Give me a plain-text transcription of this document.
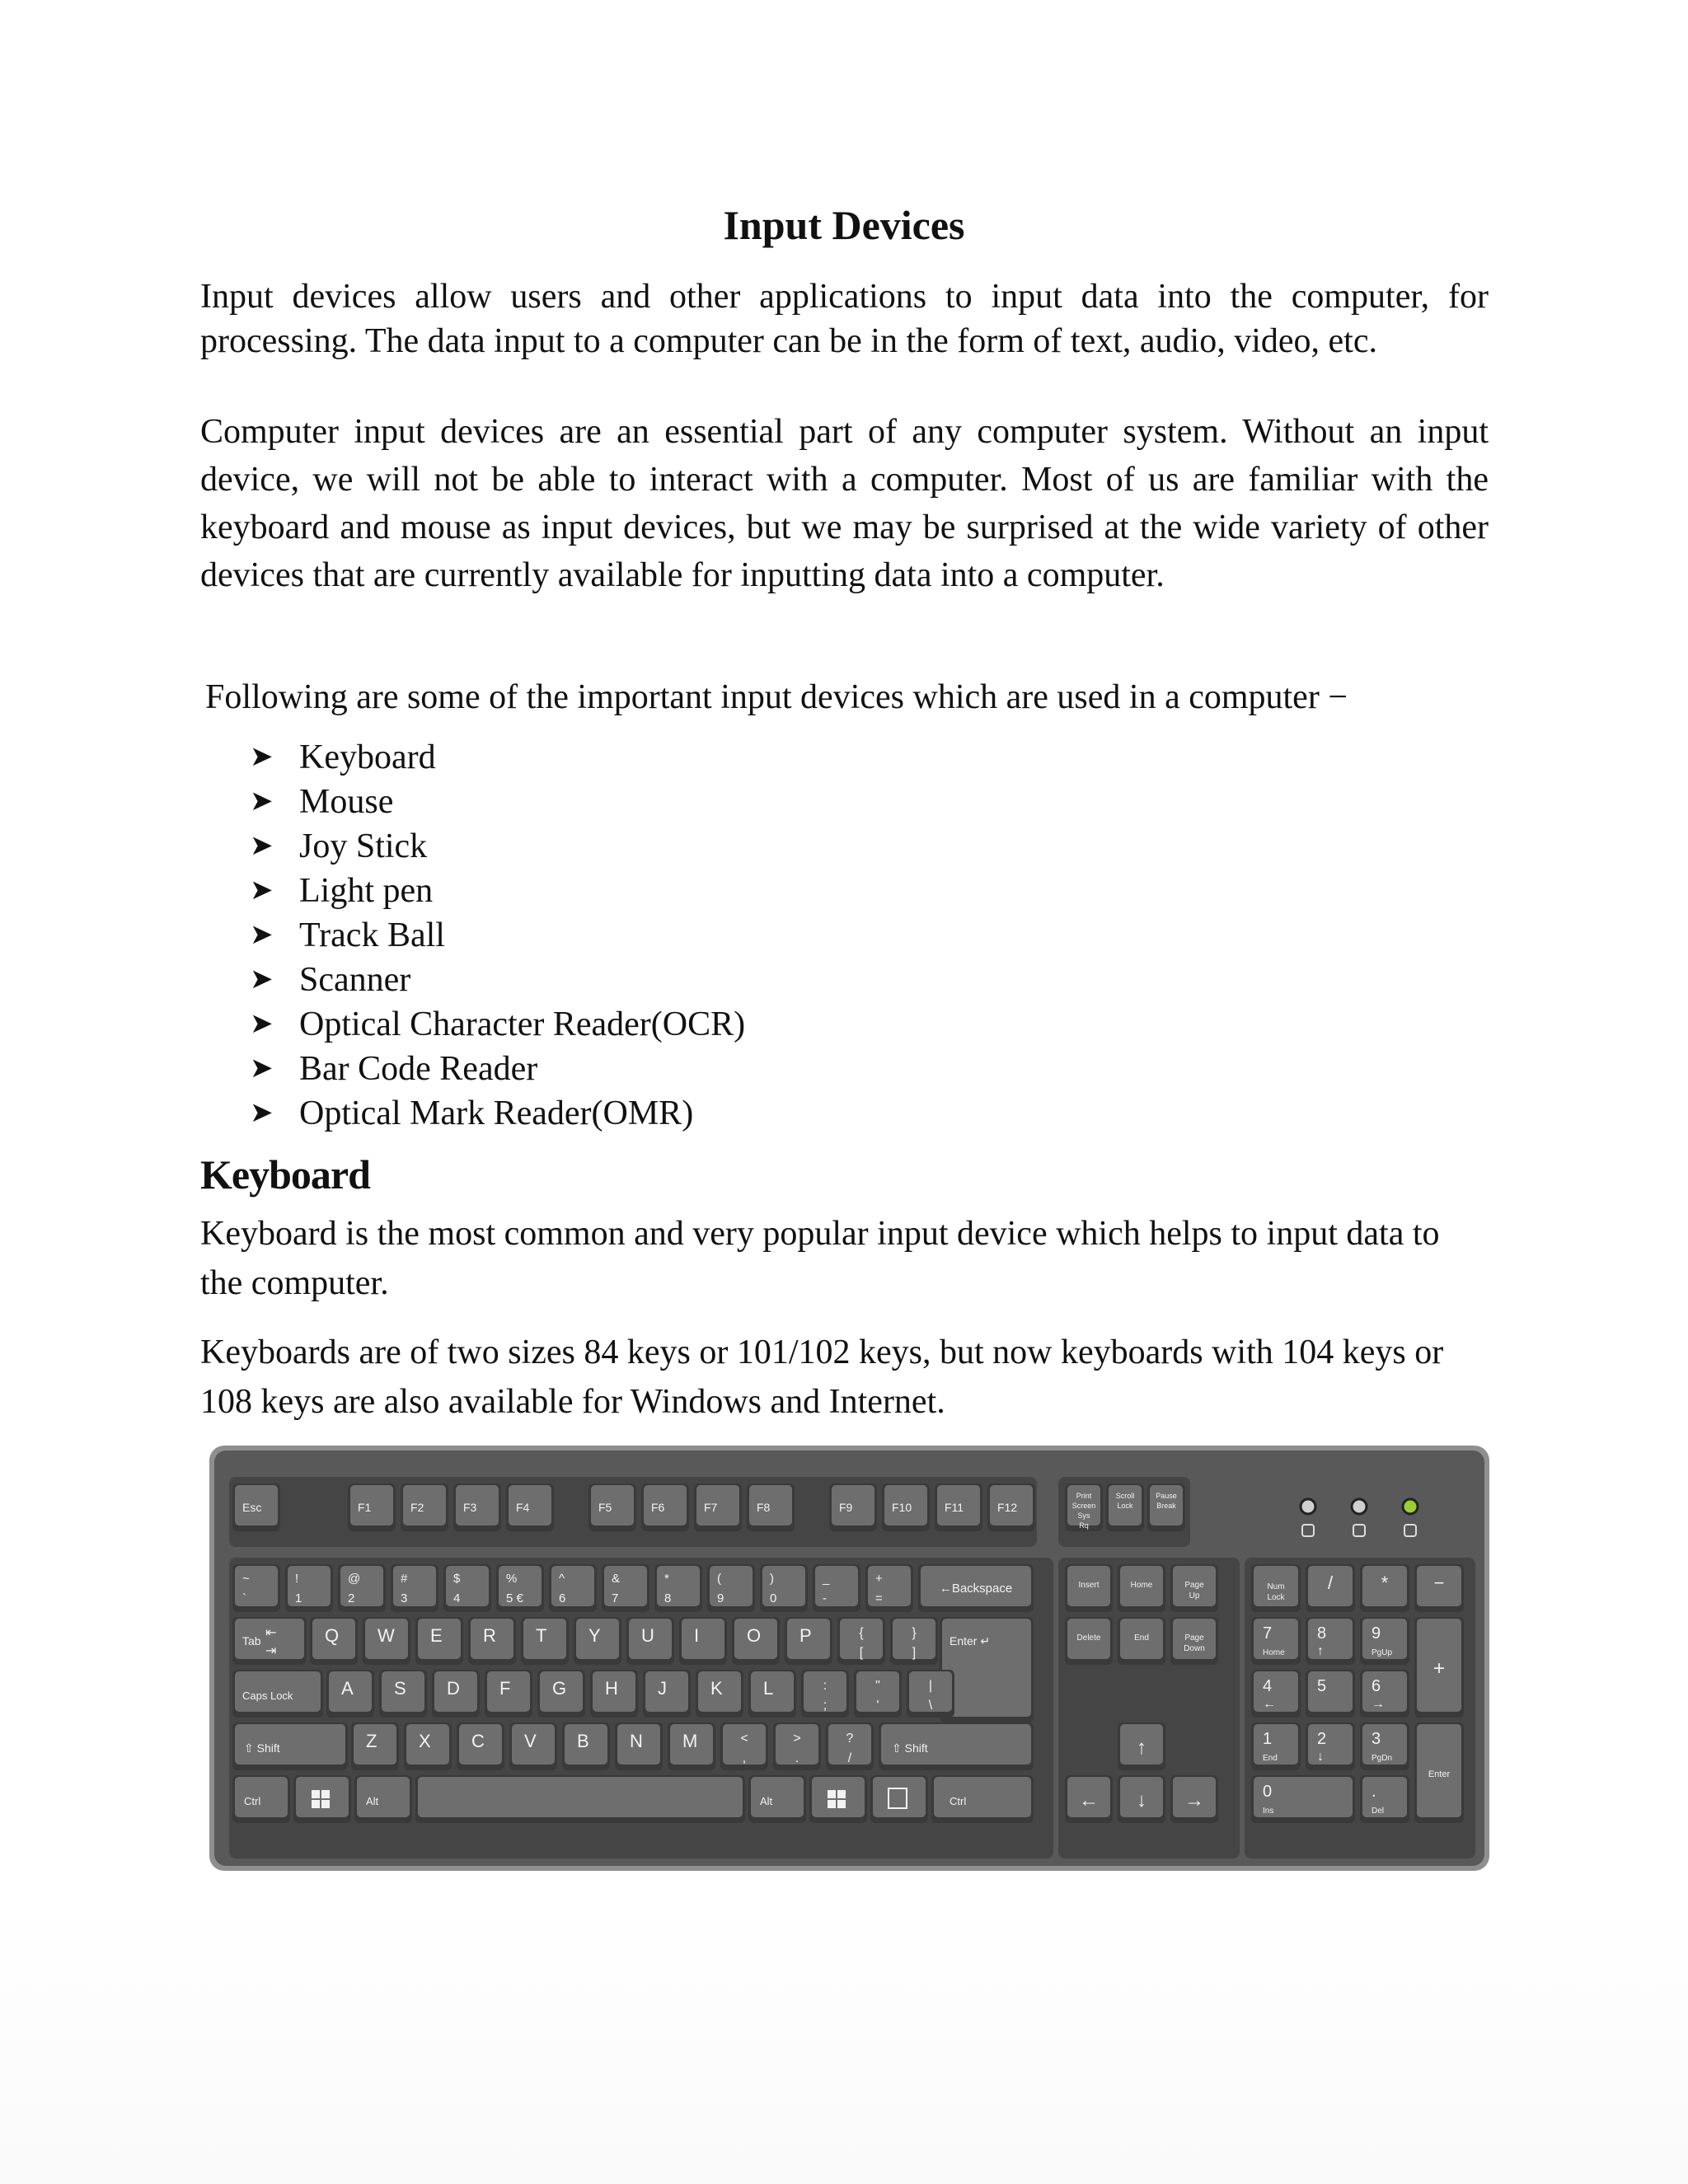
Input Devices

Input devices allow users and other applications to input data into the computer, for processing. The data input to a computer can be in the form of text, audio, video, etc.

Computer input devices are an essential part of any computer system. Without an input device, we will not be able to interact with a computer. Most of us are familiar with the keyboard and mouse as input devices, but we may be surprised at the wide variety of other devices that are currently available for inputting data into a computer.

Following are some of the important input devices which are used in a computer −

➤ Keyboard
➤ Mouse
➤ Joy Stick
➤ Light pen
➤ Track Ball
➤ Scanner
➤ Optical Character Reader(OCR)
➤ Bar Code Reader
➤ Optical Mark Reader(OMR)
Keyboard

Keyboard is the most common and very popular input device which helps to input data to the computer.

Keyboards are of two sizes 84 keys or 101/102 keys, but now keyboards with 104 keys or 108 keys are also available for Windows and Internet.

Esc	F1	F2	F3	F4	F5	F6	F7	F8	F9	F10	F11	F12
Print
Screen
Sys
Rq
Scroll
Lock
Pause
Break
~
`
!
1
@
2
#
3
$
4
%
5 €
^
6
&
7
*
8
(
9
)
0
_
-
+
=
←Backspace
Tab
⇤
⇥
Q W E R T Y U I	O P	{
[
}
]
Enter ↵
Caps Lock	A S D F G H J K L	:
;
"
'
|
\
⇧ Shift	Z X C V B N M	<
,
>
.
?
/
⇧ Shift
Ctrl	Alt	Alt	Ctrl
Insert	Home	Page
Up
Delete	End	Page
Down
↑
← ↓ →
Num
Lock
/	*	−
7
Home
8
↑
9
PgUp
4
←
5	6
→
1
End
2
↓
3
PgDn
0
Ins
.
Del
+
Enter
